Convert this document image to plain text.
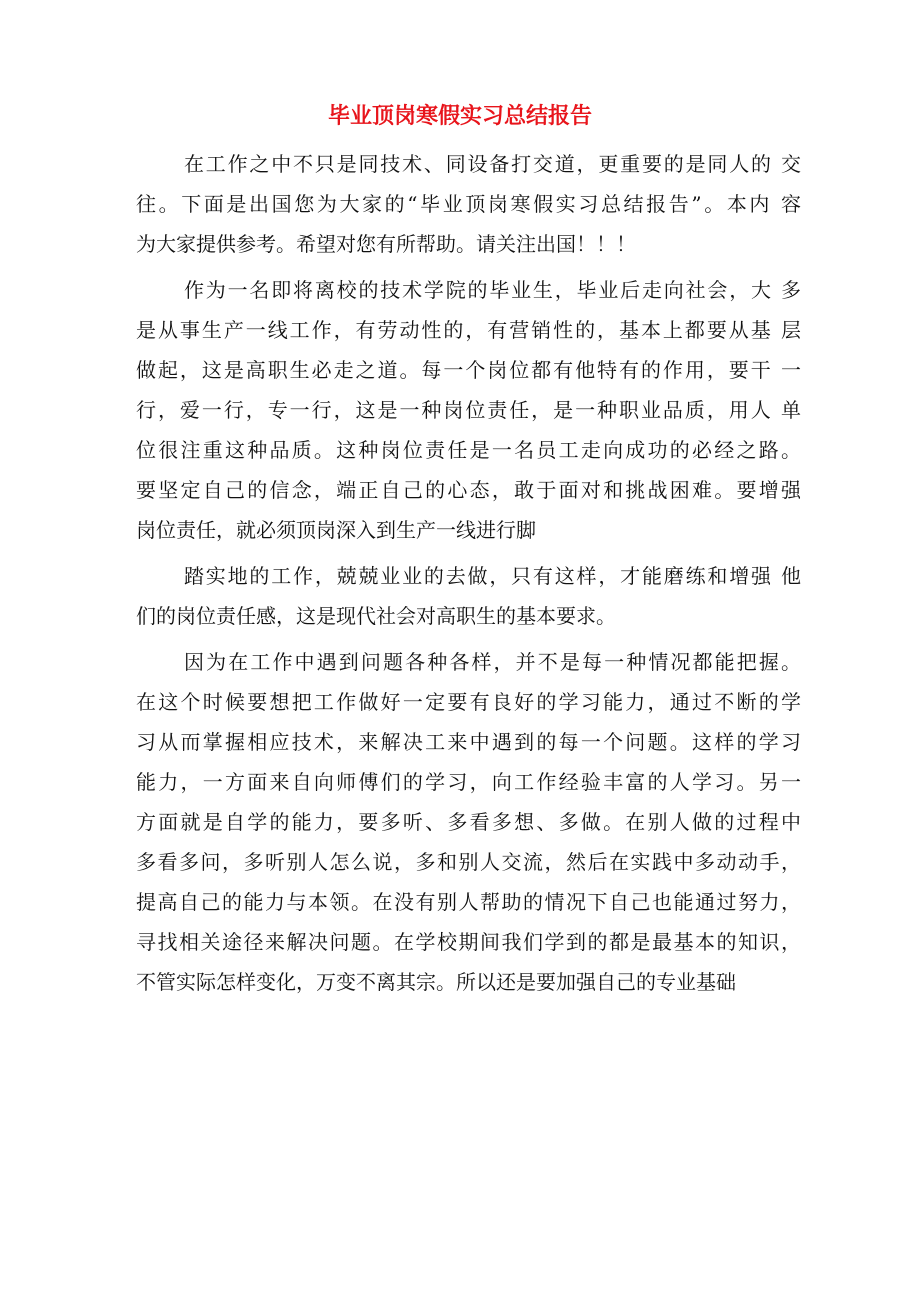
毕业顶岗寒假实习总结报告
在工作之中不只是同技术、同设备打交道，更重要的是同人的 交
往。下面是出国您为大家的“毕业顶岗寒假实习总结报告”。本内 容
为大家提供参考。希望对您有所帮助。请关注出国！！！
作为一名即将离校的技术学院的毕业生，毕业后走向社会，大 多
是从事生产一线工作，有劳动性的，有营销性的，基本上都要从基 层
做起，这是高职生必走之道。每一个岗位都有他特有的作用，要干 一
行，爱一行，专一行，这是一种岗位责任，是一种职业品质，用人 单
位很注重这种品质。这种岗位责任是一名员工走向成功的必经之路。
要坚定自己的信念，端正自己的心态，敢于面对和挑战困难。要增强
岗位责任，就必须顶岗深入到生产一线进行脚
踏实地的工作，兢兢业业的去做，只有这样，才能磨练和增强 他
们的岗位责任感，这是现代社会对高职生的基本要求。
因为在工作中遇到问题各种各样，并不是每一种情况都能把握。
在这个时候要想把工作做好一定要有良好的学习能力，通过不断的学
习从而掌握相应技术，来解决工来中遇到的每一个问题。这样的学习
能力，一方面来自向师傅们的学习，向工作经验丰富的人学习。另一
方面就是自学的能力，要多听、多看多想、多做。在别人做的过程中
多看多问，多听别人怎么说，多和别人交流，然后在实践中多动动手，
提高自己的能力与本领。在没有别人帮助的情况下自己也能通过努力，
寻找相关途径来解决问题。在学校期间我们学到的都是最基本的知识，
不管实际怎样变化，万变不离其宗。所以还是要加强自己的专业基础
